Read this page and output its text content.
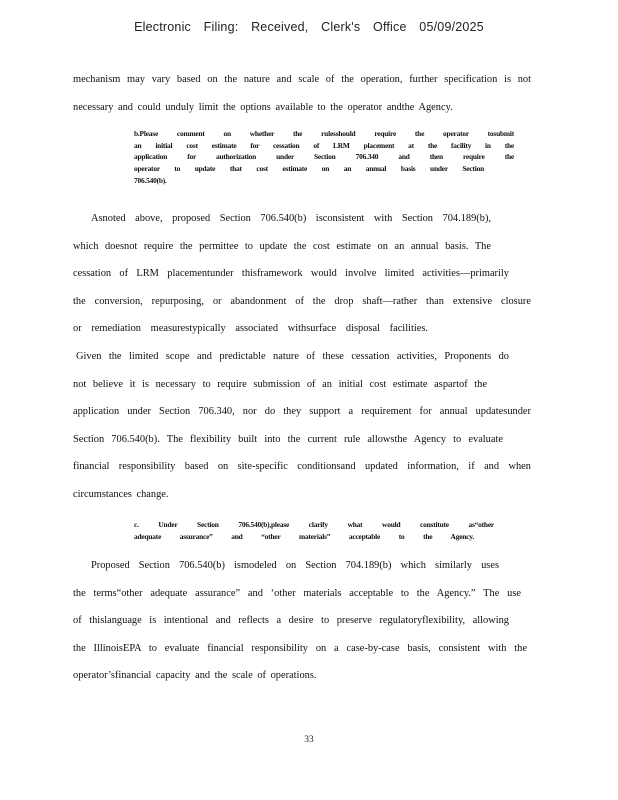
Electronic Filing: Received, Clerk's Office 05/09/2025
mechanism may vary based on the nature and scale of the operation, further specification is not
necessary and could unduly limit the options available to the operator andthe Agency.
b.Please comment on whether the rulesshould require the operator tosubmit
an initial cost estimate for cessation of LRM placement at the facility in the
application for authorization under Section 706.340 and then require the
operator to update that cost estimate on an annual basis under Section
706.540(b).
Asnoted above, proposed Section 706.540(b) isconsistent with Section 704.189(b),
which doesnot require the permittee to update the cost estimate on an annual basis. The
cessation of LRM placementunder thisframework would involve limited activities—primarily
the conversion, repurposing, or abandonment of the drop shaft—rather than extensive closure
or remediation measurestypically associated withsurface disposal facilities.
Given the limited scope and predictable nature of these cessation activities, Proponents do
not believe it is necessary to require submission of an initial cost estimate aspartof the
application under Section 706.340, nor do they support a requirement for annual updatesunder
Section 706.540(b). The flexibility built into the current rule allowsthe Agency to evaluate
financial responsibility based on site-specific conditionsand updated information, if and when
circumstances change.
c. Under Section 706.540(b),please clarify what would constitute as“other
adequate assurance” and “other materials” acceptable to the Agency.
Proposed Section 706.540(b) ismodeled on Section 704.189(b) which similarly uses
the terms“other adequate assurance” and ‘other materials acceptable to the Agency.” The use
of thislanguage is intentional and reflects a desire to preserve regulatoryflexibility, allowing
the IllinoisEPA to evaluate financial responsibility on a case-by-case basis, consistent with the
operator’sfinancial capacity and the scale of operations.
33
